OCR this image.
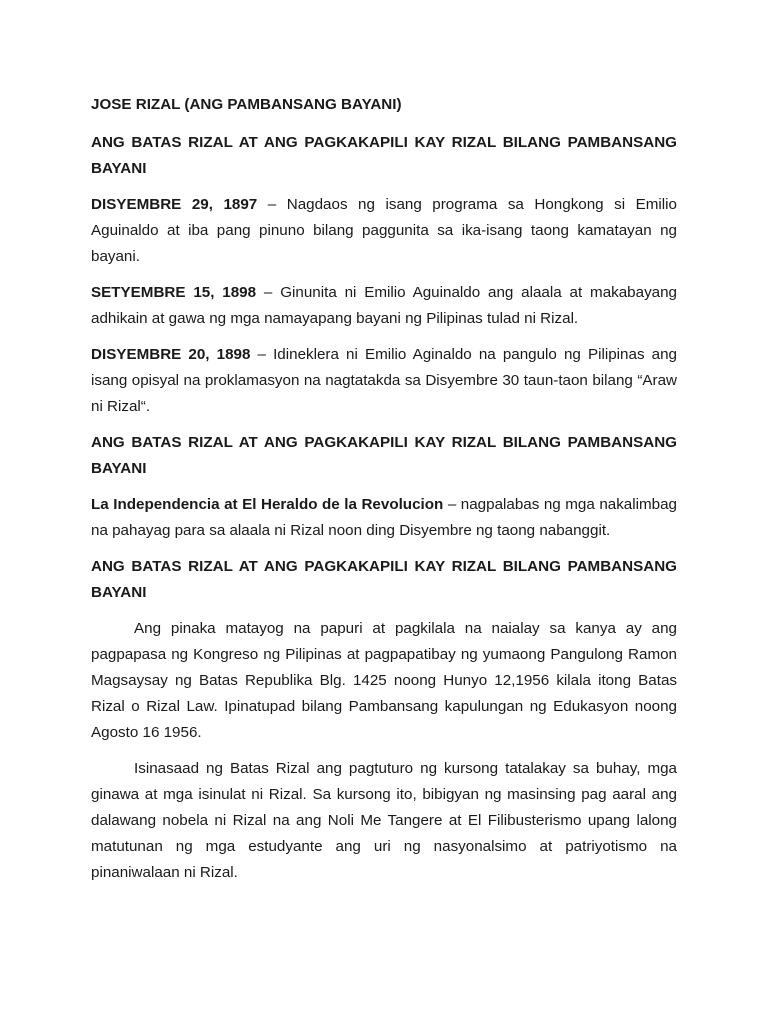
JOSE RIZAL (ANG PAMBANSANG BAYANI)

ANG BATAS RIZAL AT ANG PAGKAKAPILI KAY RIZAL BILANG PAMBANSANG BAYANI

DISYEMBRE 29, 1897 – Nagdaos ng isang programa sa Hongkong si Emilio Aguinaldo at iba pang pinuno bilang paggunita sa ika-isang taong kamatayan ng bayani.

SETYEMBRE 15, 1898 – Ginunita ni Emilio Aguinaldo ang alaala at makabayang adhikain at gawa ng mga namayapang bayani ng Pilipinas tulad ni Rizal.

DISYEMBRE 20, 1898 – Idineklera ni Emilio Aginaldo na pangulo ng Pilipinas ang isang opisyal na proklamasyon na nagtatakda sa Disyembre 30 taun-taon bilang “Araw ni Rizal“.

ANG BATAS RIZAL AT ANG PAGKAKAPILI KAY RIZAL BILANG PAMBANSANG BAYANI

La Independencia at El Heraldo de la Revolucion – nagpalabas ng mga nakalimbag na pahayag para sa alaala ni Rizal noon ding Disyembre ng taong nabanggit.

ANG BATAS RIZAL AT ANG PAGKAKAPILI KAY RIZAL BILANG PAMBANSANG BAYANI

Ang pinaka matayog na papuri at pagkilala na naialay sa kanya ay ang pagpapasa ng Kongreso ng Pilipinas at pagpapatibay ng yumaong Pangulong Ramon Magsaysay ng Batas Republika Blg. 1425 noong Hunyo 12,1956 kilala itong Batas Rizal o Rizal Law. Ipinatupad bilang Pambansang kapulungan ng Edukasyon noong Agosto 16 1956.

Isinasaad ng Batas Rizal ang pagtuturo ng kursong tatalakay sa buhay, mga ginawa at mga isinulat ni Rizal. Sa kursong ito, bibigyan ng masinsing pag aaral ang dalawang nobela ni Rizal na ang Noli Me Tangere at El Filibusterismo upang lalong matutunan ng mga estudyante ang uri ng nasyonalsimo at patriyotismo na pinaniwalaan ni Rizal.
